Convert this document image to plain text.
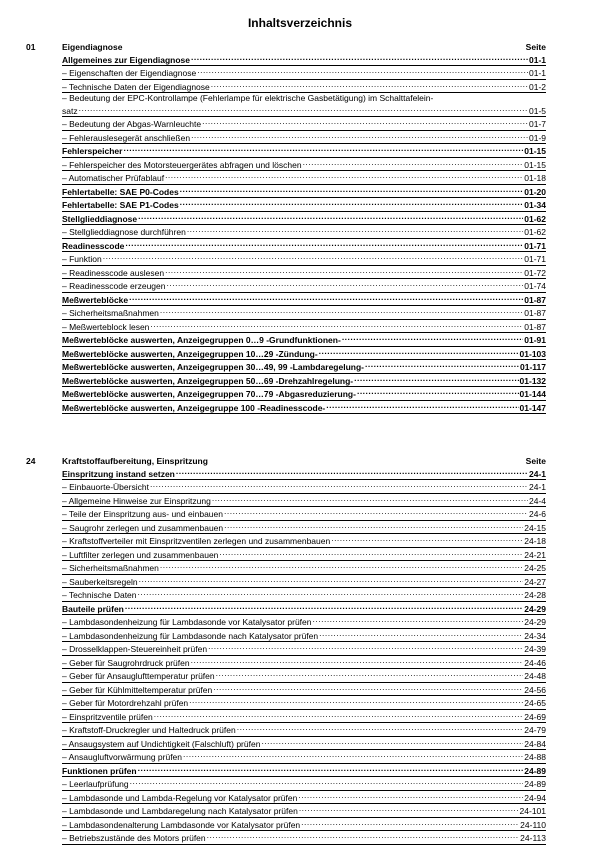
Inhaltsverzeichnis
01	Eigendiagnose	Seite
Allgemeines zur Eigendiagnose .....	01-1
– Eigenschaften der Eigendiagnose .....	01-1
– Technische Daten der Eigendiagnose .....	01-2
– Bedeutung der EPC-Kontrollampe (Fehlerlampe für elektrische Gasbetätigung) im Schalttafelein-
satz .....	01-5
– Bedeutung der Abgas-Warnleuchte .....	01-7
– Fehlerauslesegerät anschließen .....	01-9
Fehlerspeicher .....	01-15
– Fehlerspeicher des Motorsteuergerätes abfragen und löschen .....	01-15
– Automatischer Prüfablauf .....	01-18
Fehlertabelle: SAE P0-Codes .....	01-20
Fehlertabelle: SAE P1-Codes .....	01-34
Stellglieddiagnose .....	01-62
– Stellglieddiagnose durchführen .....	01-62
Readinesscode .....	01-71
– Funktion .....	01-71
– Readinesscode auslesen .....	01-72
– Readinesscode erzeugen .....	01-74
Meßwerteblöcke .....	01-87
– Sicherheitsmaßnahmen .....	01-87
– Meßwerteblock lesen .....	01-87
Meßwerteblöcke auswerten, Anzeigegruppen 0…9 -Grundfunktionen- .....	01-91
Meßwerteblöcke auswerten, Anzeigegruppen 10…29 -Zündung- .....	01-103
Meßwerteblöcke auswerten, Anzeigegruppen 30…49, 99 -Lambdaregelung- .....	01-117
Meßwerteblöcke auswerten, Anzeigegruppen 50…69 -Drehzahlregelung- .....	01-132
Meßwerteblöcke auswerten, Anzeigegruppen 70…79 -Abgasreduzierung- .....	01-144
Meßwerteblöcke auswerten, Anzeigegruppe 100 -Readinesscode- .....	01-147
24	Kraftstoffaufbereitung, Einspritzung	Seite
Einspritzung instand setzen .....	24-1
– Einbauorte-Übersicht .....	24-1
– Allgemeine Hinweise zur Einspritzung .....	24-4
– Teile der Einspritzung aus- und einbauen .....	24-6
– Saugrohr zerlegen und zusammenbauen .....	24-15
– Kraftstoffverteiler mit Einspritzventilen zerlegen und zusammenbauen .....	24-18
– Luftfilter zerlegen und zusammenbauen .....	24-21
– Sicherheitsmaßnahmen .....	24-25
– Sauberkeitsregeln .....	24-27
– Technische Daten .....	24-28
Bauteile prüfen .....	24-29
– Lambdasondenheizung für Lambdasonde vor Katalysator prüfen .....	24-29
– Lambdasondenheizung für Lambdasonde nach Katalysator prüfen .....	24-34
– Drosselklappen-Steuereinheit prüfen .....	24-39
– Geber für Saugrohrdruck prüfen .....	24-46
– Geber für Ansauglufttemperatur prüfen .....	24-48
– Geber für Kühlmitteltemperatur prüfen .....	24-56
– Geber für Motordrehzahl prüfen .....	24-65
– Einspritzventile prüfen .....	24-69
– Kraftstoff-Druckregler und Haltedruck prüfen .....	24-79
– Ansaugsystem auf Undichtigkeit (Falschluft) prüfen .....	24-84
– Ansaugluftvorwärmung prüfen .....	24-88
Funktionen prüfen .....	24-89
– Leerlaufprüfung .....	24-89
– Lambdasonde und Lambda-Regelung vor Katalysator prüfen .....	24-94
– Lambdasonde und Lambdaregelung nach Katalysator prüfen .....	24-101
– Lambdasondenalterung Lambdasonde vor Katalysator prüfen .....	24-110
– Betriebszustände des Motors prüfen .....	24-113
